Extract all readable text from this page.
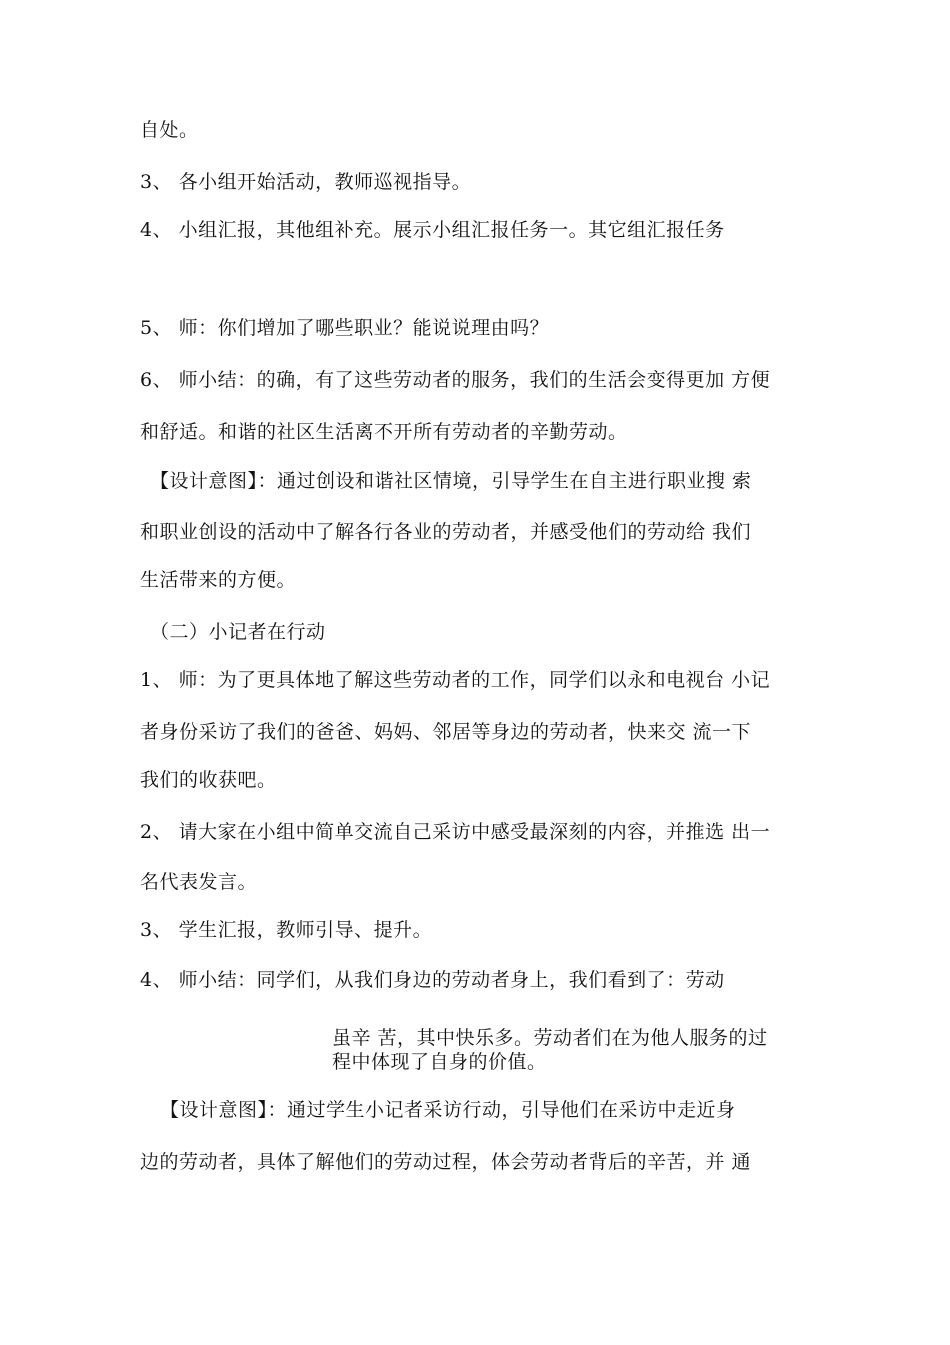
自处。
3、 各小组开始活动，教师巡视指导。
4、 小组汇报，其他组补充。展示小组汇报任务一。其它组汇报任务
5、 师：你们增加了哪些职业？能说说理由吗？
6、 师小结：的确，有了这些劳动者的服务，我们的生活会变得更加 方便
和舒适。和谐的社区生活离不开所有劳动者的辛勤劳动。
【设计意图】：通过创设和谐社区情境，引导学生在自主进行职业搜 索
和职业创设的活动中了解各行各业的劳动者，并感受他们的劳动给 我们
生活带来的方便。
（二）小记者在行动
1、 师：为了更具体地了解这些劳动者的工作，同学们以永和电视台 小记
者身份采访了我们的爸爸、妈妈、邻居等身边的劳动者，快来交 流一下
我们的收获吧。
2、 请大家在小组中简单交流自己采访中感受最深刻的内容，并推选 出一
名代表发言。
3、 学生汇报，教师引导、提升。
4、 师小结：同学们，从我们身边的劳动者身上，我们看到了：劳动
虽辛 苦，其中快乐多。劳动者们在为他人服务的过
程中体现了自身的价值。
【设计意图】：通过学生小记者采访行动，引导他们在采访中走近身
边的劳动者，具体了解他们的劳动过程，体会劳动者背后的辛苦，并 通
